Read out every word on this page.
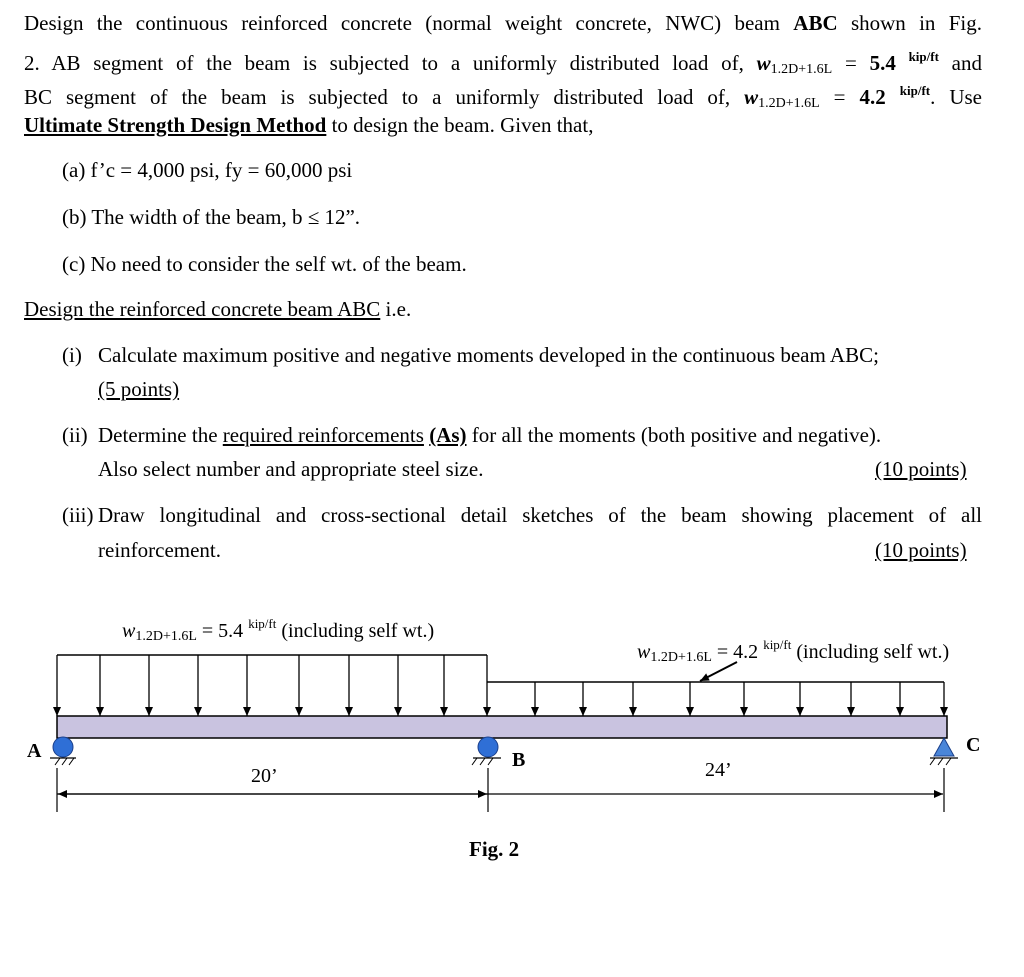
Design the continuous reinforced concrete (normal weight concrete, NWC) beam ABC shown in Fig.
2. AB segment of the beam is subjected to a uniformly distributed load of, $w_{1.2D+1.6L} = 5.4$ $^{kip/ft}$ and
BC segment of the beam is subjected to a uniformly distributed load of, $w_{1.2D+1.6L} = 4.2$ $^{kip/ft}$. Use
Ultimate Strength Design Method to design the beam. Given that,
(a) f’c = 4,000 psi, fy = 60,000 psi
(b) The width of the beam, b ≤ 12”.
(c) No need to consider the self wt. of the beam.
Design the reinforced concrete beam ABC i.e.
(i) Calculate maximum positive and negative moments developed in the continuous beam ABC;
(5 points)
(ii) Determine the required reinforcements (As) for all the moments (both positive and negative).
Also select number and appropriate steel size.	(10 points)
(iii) Draw longitudinal and cross-sectional detail sketches of the beam showing placement of all
reinforcement.	(10 points)
$w_{1.2D+1.6L} = 5.4$ $^{kip/ft}$ (including self wt.)
$w_{1.2D+1.6L} = 4.2$ $^{kip/ft}$ (including self wt.)
A	B
C
20’	24’
Fig. 2
